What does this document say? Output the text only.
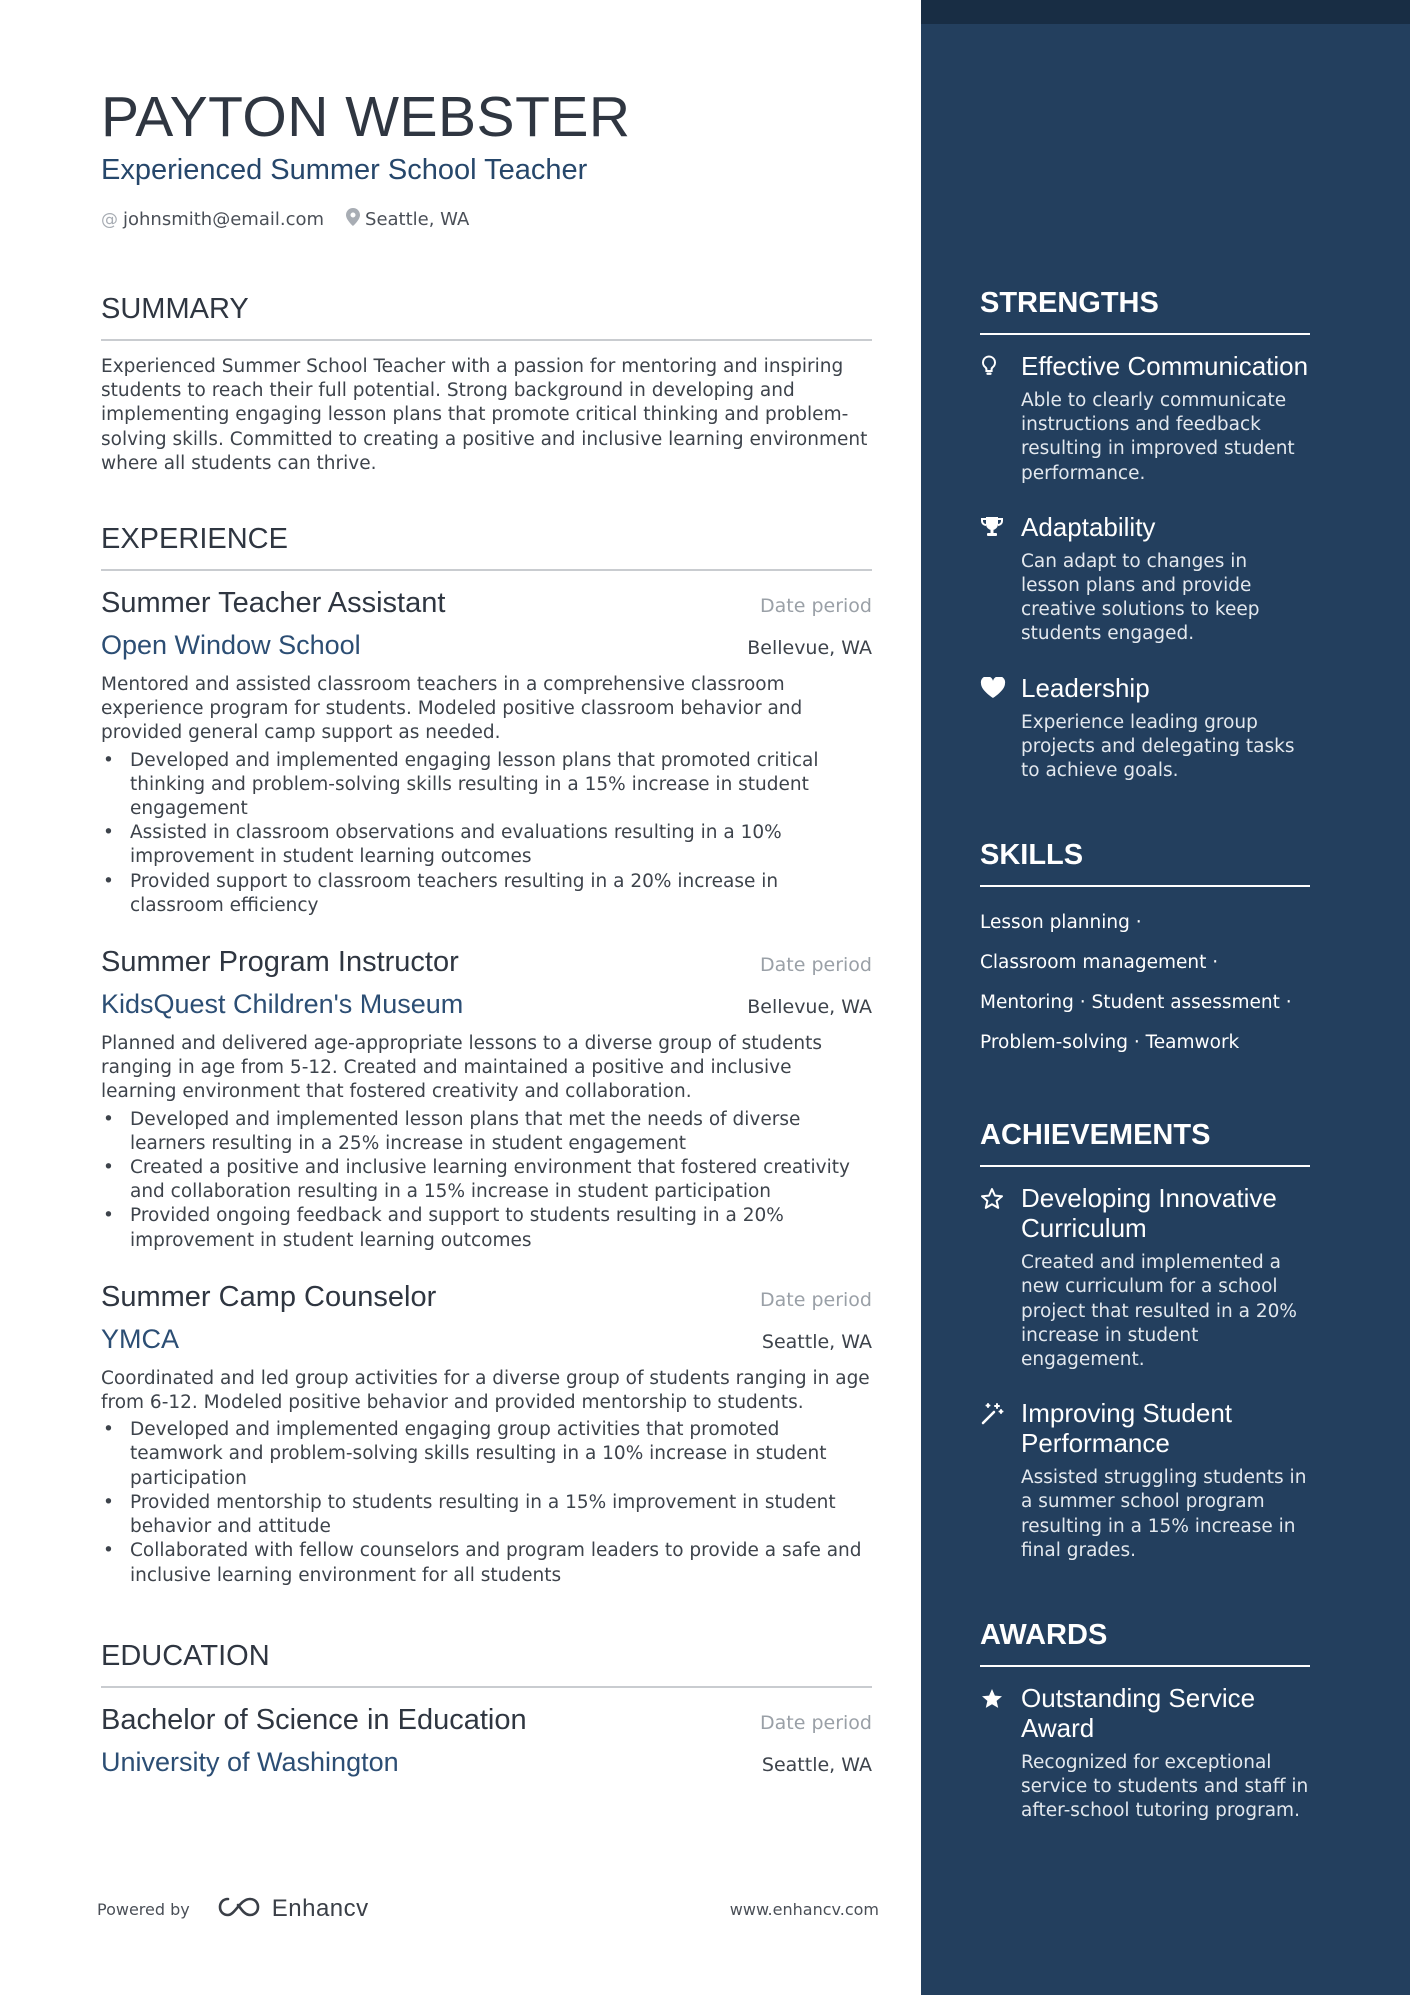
PAYTON WEBSTER
Experienced Summer School Teacher
@ johnsmith@email.com Seattle, WA
SUMMARY
Experienced Summer School Teacher with a passion for mentoring and inspiring students to reach their full potential. Strong background in developing and implementing engaging lesson plans that promote critical thinking and problem-solving skills. Committed to creating a positive and inclusive learning environment where all students can thrive.
EXPERIENCE
Summer Teacher Assistant	Date period
Open Window School	Bellevue, WA
Mentored and assisted classroom teachers in a comprehensive classroom experience program for students. Modeled positive classroom behavior and provided general camp support as needed.
• Developed and implemented engaging lesson plans that promoted critical thinking and problem-solving skills resulting in a 15% increase in student engagement
• Assisted in classroom observations and evaluations resulting in a 10% improvement in student learning outcomes
• Provided support to classroom teachers resulting in a 20% increase in classroom efficiency
Summer Program Instructor	Date period
KidsQuest Children's Museum	Bellevue, WA
Planned and delivered age-appropriate lessons to a diverse group of students ranging in age from 5-12. Created and maintained a positive and inclusive learning environment that fostered creativity and collaboration.
• Developed and implemented lesson plans that met the needs of diverse learners resulting in a 25% increase in student engagement
• Created a positive and inclusive learning environment that fostered creativity and collaboration resulting in a 15% increase in student participation
• Provided ongoing feedback and support to students resulting in a 20% improvement in student learning outcomes
Summer Camp Counselor	Date period
YMCA	Seattle, WA
Coordinated and led group activities for a diverse group of students ranging in age from 6-12. Modeled positive behavior and provided mentorship to students.
• Developed and implemented engaging group activities that promoted teamwork and problem-solving skills resulting in a 10% increase in student participation
• Provided mentorship to students resulting in a 15% improvement in student behavior and attitude
• Collaborated with fellow counselors and program leaders to provide a safe and inclusive learning environment for all students
EDUCATION
Bachelor of Science in Education	Date period
University of Washington	Seattle, WA
Powered by	Enhancv	www.enhancv.com
STRENGTHS
Effective Communication
Able to clearly communicate instructions and feedback resulting in improved student performance.
Adaptability
Can adapt to changes in lesson plans and provide creative solutions to keep students engaged.
Leadership
Experience leading group projects and delegating tasks to achieve goals.
SKILLS
Lesson planning ·
Classroom management ·
Mentoring · Student assessment ·
Problem-solving · Teamwork
ACHIEVEMENTS
Developing Innovative Curriculum
Created and implemented a new curriculum for a school project that resulted in a 20% increase in student engagement.
Improving Student Performance
Assisted struggling students in a summer school program resulting in a 15% increase in final grades.
AWARDS
Outstanding Service Award
Recognized for exceptional service to students and staff in after-school tutoring program.
